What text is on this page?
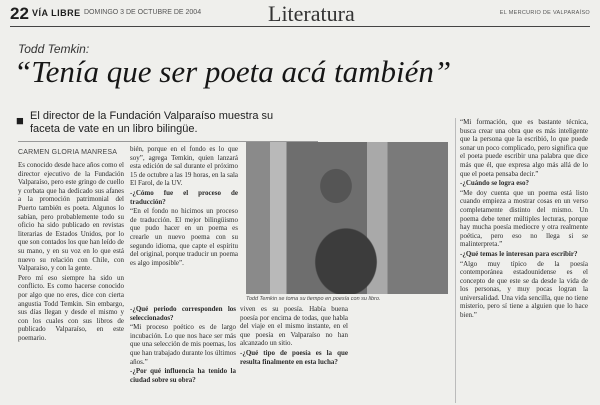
22 VÍA LIBRE DOMINGO 3 DE OCTUBRE DE 2004	Literatura	EL MERCURIO DE VALPARAÍSO
Todd Temkin:
“Tenía que ser poeta acá también”
■ El director de la Fundación Valparaíso muestra su faceta de vate en un libro bilingüe.
CARMEN GLORIA MANRESA

Es conocido desde hace años como el director ejecutivo de la Fundación Valparaíso, pero este gringo de cuello y corbata que ha dedicado sus afanes a la promoción patrimonial del Puerto también es poeta. Algunos lo sabían, pero probablemente todo su oficio ha sido publicado en revistas literarias de Estados Unidos, por lo que son contados los que han leído de su mano, y en su voz en lo que está nuevo su relación con Chile, con Valparaíso, y con la gente.

Pero mí eso siempre ha sido un conflicto. Es como hacerse conocido por algo que no eres, dice con cierta angustia Todd Temkin. Sin embargo, sus días llegan y desde el mismo y con los cuales con sus libros de publicado Valparaíso, en este poemario.

bién, porque en el fondo es lo que soy”, agrega Temkin, quien lanzará esta edición de sal durante el próximo 15 de octubre a las 19 horas, en la sala El Farol, de la UV.

-¿Cómo fue el proceso de traducción?

“En el fondo no hicimos un proceso de traducción. El mejor bilingüismo que pudo hacer en un poema es crearle un nuevo poema con su segundo idioma, que capte el espíritu del original, porque traducir un poema es algo imposible”.

Todd Temkin se toma su tiempo en poesía con su libro.

-¿Qué periodo corresponden los seleccionados?

“Mi proceso poético es de largo incubación. Lo que nos hace ser más que una selección de mis poemas, los que han trabajado durante los últimos años.”

-¿Por qué influencia ha tenido la ciudad sobre su obra?

viven es su poesía. Había buena poesía por encima de todas, que habla del viaje en el mismo instante, en el que poesía en Valparaíso no han alcanzado un sitio.

-¿Qué tipo de poesía es la que resulta finalmente en esta lucha?

“Mi formación, que es bastante técnica, busca crear una obra que es más inteligente que la persona que la escribió, lo que puede sonar un poco complicado, pero significa que el poeta puede escribir una palabra que dice más que él, que expresa algo más allá de lo que el poeta pensaba decir.”

-¿Cuándo se logra eso?

“Me doy cuenta que un poema está listo cuando empieza a mostrar cosas en un verso completamente distinto del mismo. Un poema debe tener múltiples lecturas, porque hay mucha poesía mediocre y otra realmente poética, pero eso no llega si se malinterpreta.”

-¿Qué temas le interesan para escribir?

“Algo muy típico de la poesía contemporánea estadounidense es el concepto de que este se da desde la vida de los personas, y muy pocas logran la universalidad. Una vida sencilla, que no tiene misterio, pero sí tiene a alguien que lo hace bien.”
